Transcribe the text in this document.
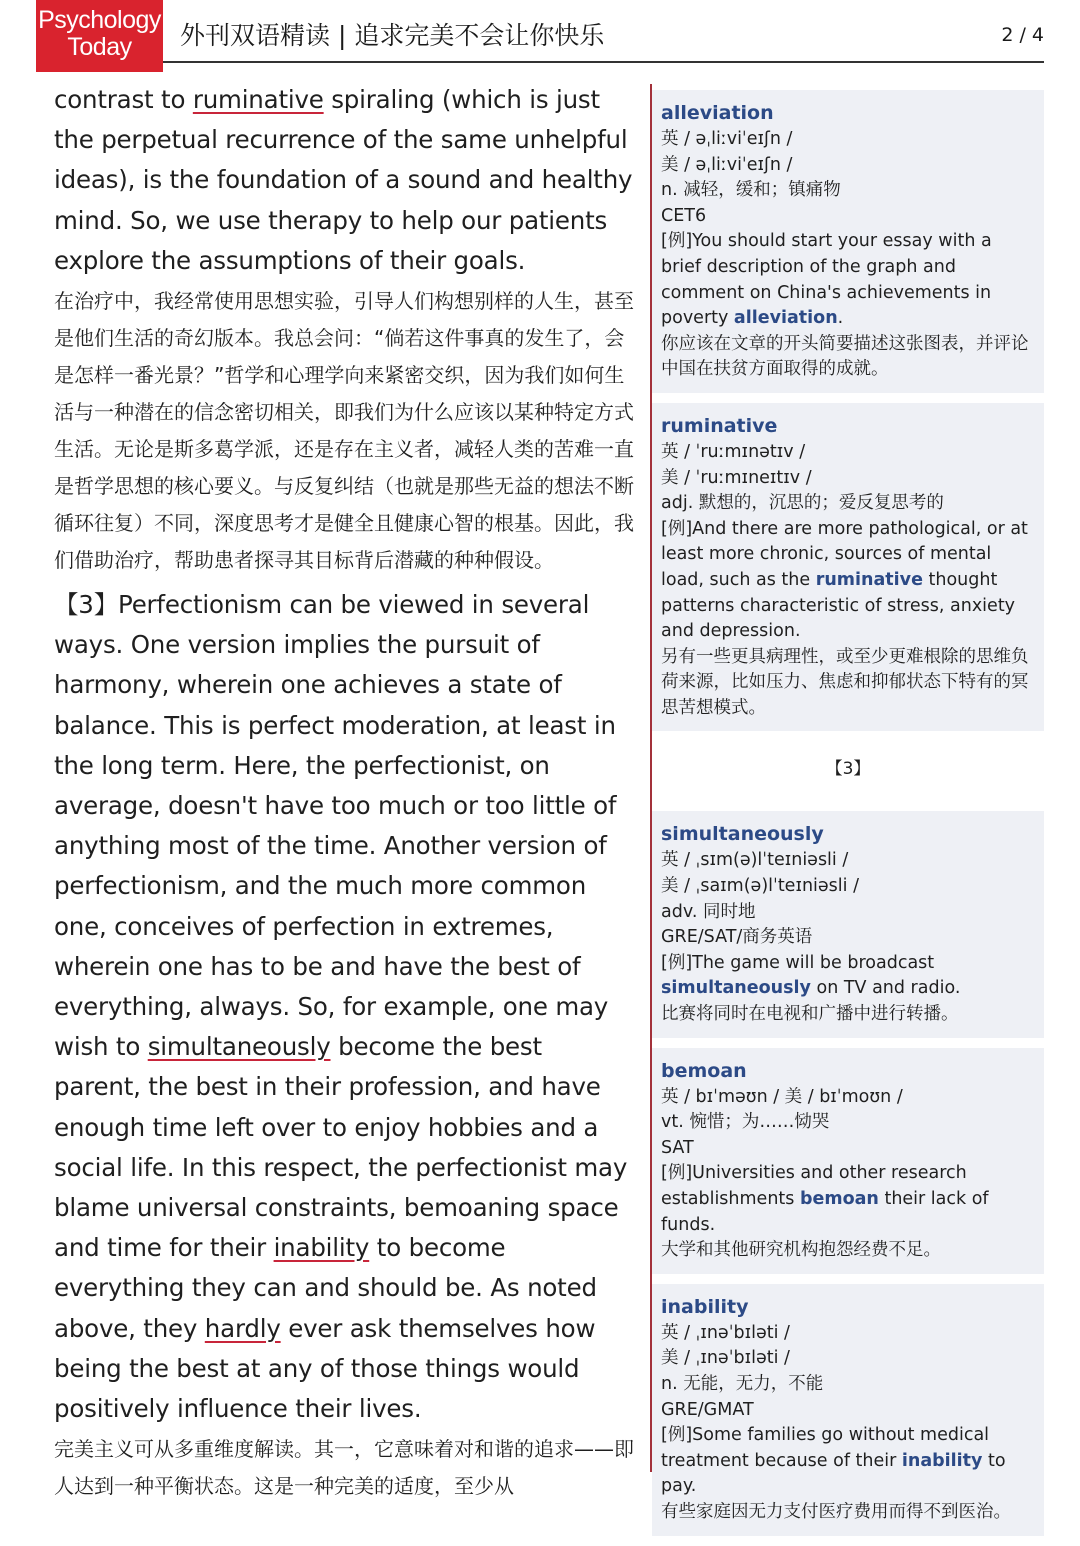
Psychology
Today	外刊双语精读 | 追求完美不会让你快乐	2 / 4

contrast to ruminative spiraling (which is just the perpetual recurrence of the same unhelpful ideas), is the foundation of a sound and healthy mind. So, we use therapy to help our patients explore the assumptions of their goals.

在治疗中，我经常使用思想实验，引导人们构想别样的人生，甚至是他们生活的奇幻版本。我总会问：“倘若这件事真的发生了，会是怎样一番光景？”哲学和心理学向来紧密交织，因为我们如何生活与一种潜在的信念密切相关，即我们为什么应该以某种特定方式生活。无论是斯多葛学派，还是存在主义者，减轻人类的苦难一直是哲学思想的核心要义。与反复纠结（也就是那些无益的想法不断循环往复）不同，深度思考才是健全且健康心智的根基。因此，我们借助治疗，帮助患者探寻其目标背后潜藏的种种假设。

【3】Perfectionism can be viewed in several ways. One version implies the pursuit of harmony, wherein one achieves a state of balance. This is perfect moderation, at least in the long term. Here, the perfectionist, on average, doesn't have too much or too little of anything most of the time. Another version of perfectionism, and the much more common one, conceives of perfection in extremes, wherein one has to be and have the best of everything, always. So, for example, one may wish to simultaneously become the best parent, the best in their profession, and have enough time left over to enjoy hobbies and a social life. In this respect, the perfectionist may blame universal constraints, bemoaning space and time for their inability to become everything they can and should be. As noted above, they hardly ever ask themselves how being the best at any of those things would positively influence their lives.

完美主义可从多重维度解读。其一，它意味着对和谐的追求——即人达到一种平衡状态。这是一种完美的适度，至少从

alleviation
英 / əˌliːviˈeɪʃn /
美 / əˌliːviˈeɪʃn /
n. 减轻，缓和；镇痛物
CET6
[例]You should start your essay with a brief description of the graph and comment on China's achievements in poverty alleviation.
你应该在文章的开头简要描述这张图表，并评论中国在扶贫方面取得的成就。
ruminative
英 / ˈruːmɪnətɪv /
美 / ˈruːmɪneɪtɪv /
adj. 默想的，沉思的；爱反复思考的
[例]And there are more pathological, or at least more chronic, sources of mental load, such as the ruminative thought patterns characteristic of stress, anxiety and depression.
另有一些更具病理性，或至少更难根除的思维负荷来源，比如压力、焦虑和抑郁状态下特有的冥思苦想模式。
【3】
simultaneously
英 / ˌsɪm(ə)lˈteɪniəsli /
美 / ˌsaɪm(ə)lˈteɪniəsli /
adv. 同时地
GRE/SAT/商务英语
[例]The game will be broadcast simultaneously on TV and radio.
比赛将同时在电视和广播中进行转播。
bemoan
英 / bɪˈməʊn / 美 / bɪˈmoʊn /
vt. 惋惜；为……恸哭
SAT
[例]Universities and other research establishments bemoan their lack of funds.
大学和其他研究机构抱怨经费不足。
inability
英 / ˌɪnəˈbɪləti /
美 / ˌɪnəˈbɪləti /
n. 无能，无力，不能
GRE/GMAT
[例]Some families go without medical treatment because of their inability to pay.
有些家庭因无力支付医疗费用而得不到医治。
